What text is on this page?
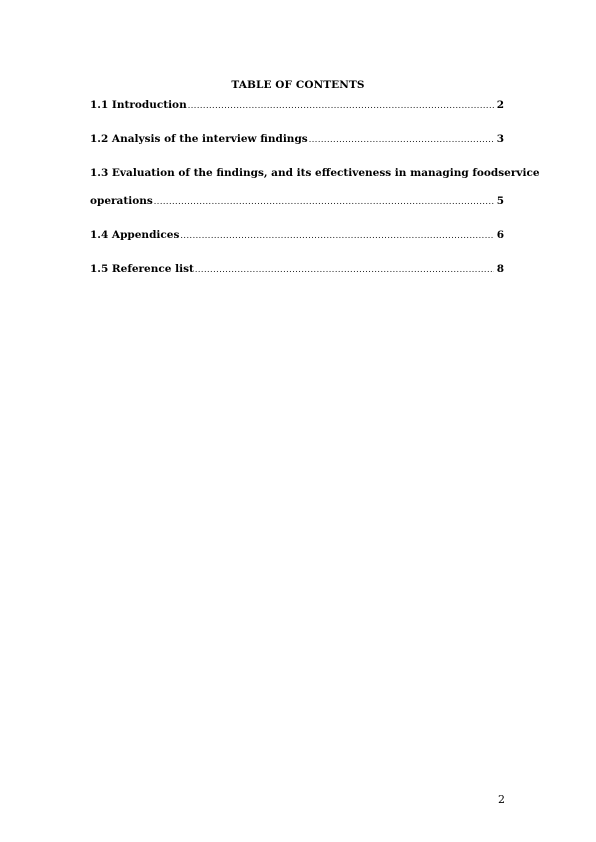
TABLE OF CONTENTS
1.1 Introduction .....	2
1.2 Analysis of the interview findings .....	3
1.3 Evaluation of the findings, and its effectiveness in managing foodservice
operations .....	5
1.4 Appendices .....	6
1.5 Reference list .....	8
2
